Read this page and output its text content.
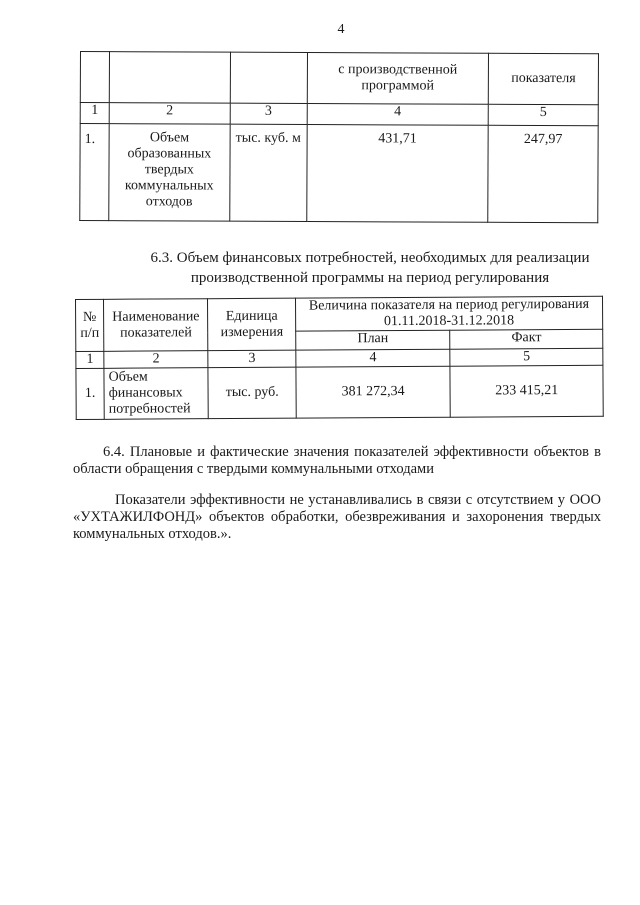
4
			с производственной программой	показателя
1	2	3	4	5
1.	Объем образованных твердых коммунальных отходов	тыс. куб. м	431,71	247,97
6.3. Объем финансовых потребностей, необходимых для реализации
производственной программы на период регулирования
№ п/п	Наименование показателей	Единица измерения	Величина показателя на период регулирования 01.11.2018-31.12.2018	
			План	Факт
1	2	3	4	5
1.	Объем финансовых потребностей	тыс. руб.	381 272,34	233 415,21
6.4. Плановые и фактические значения показателей эффективности объектов в области обращения с твердыми коммунальными отходами
Показатели эффективности не устанавливались в связи с отсутствием у ООО «УХТАЖИЛФОНД» объектов обработки, обезвреживания и захоронения твердых коммунальных отходов.».
